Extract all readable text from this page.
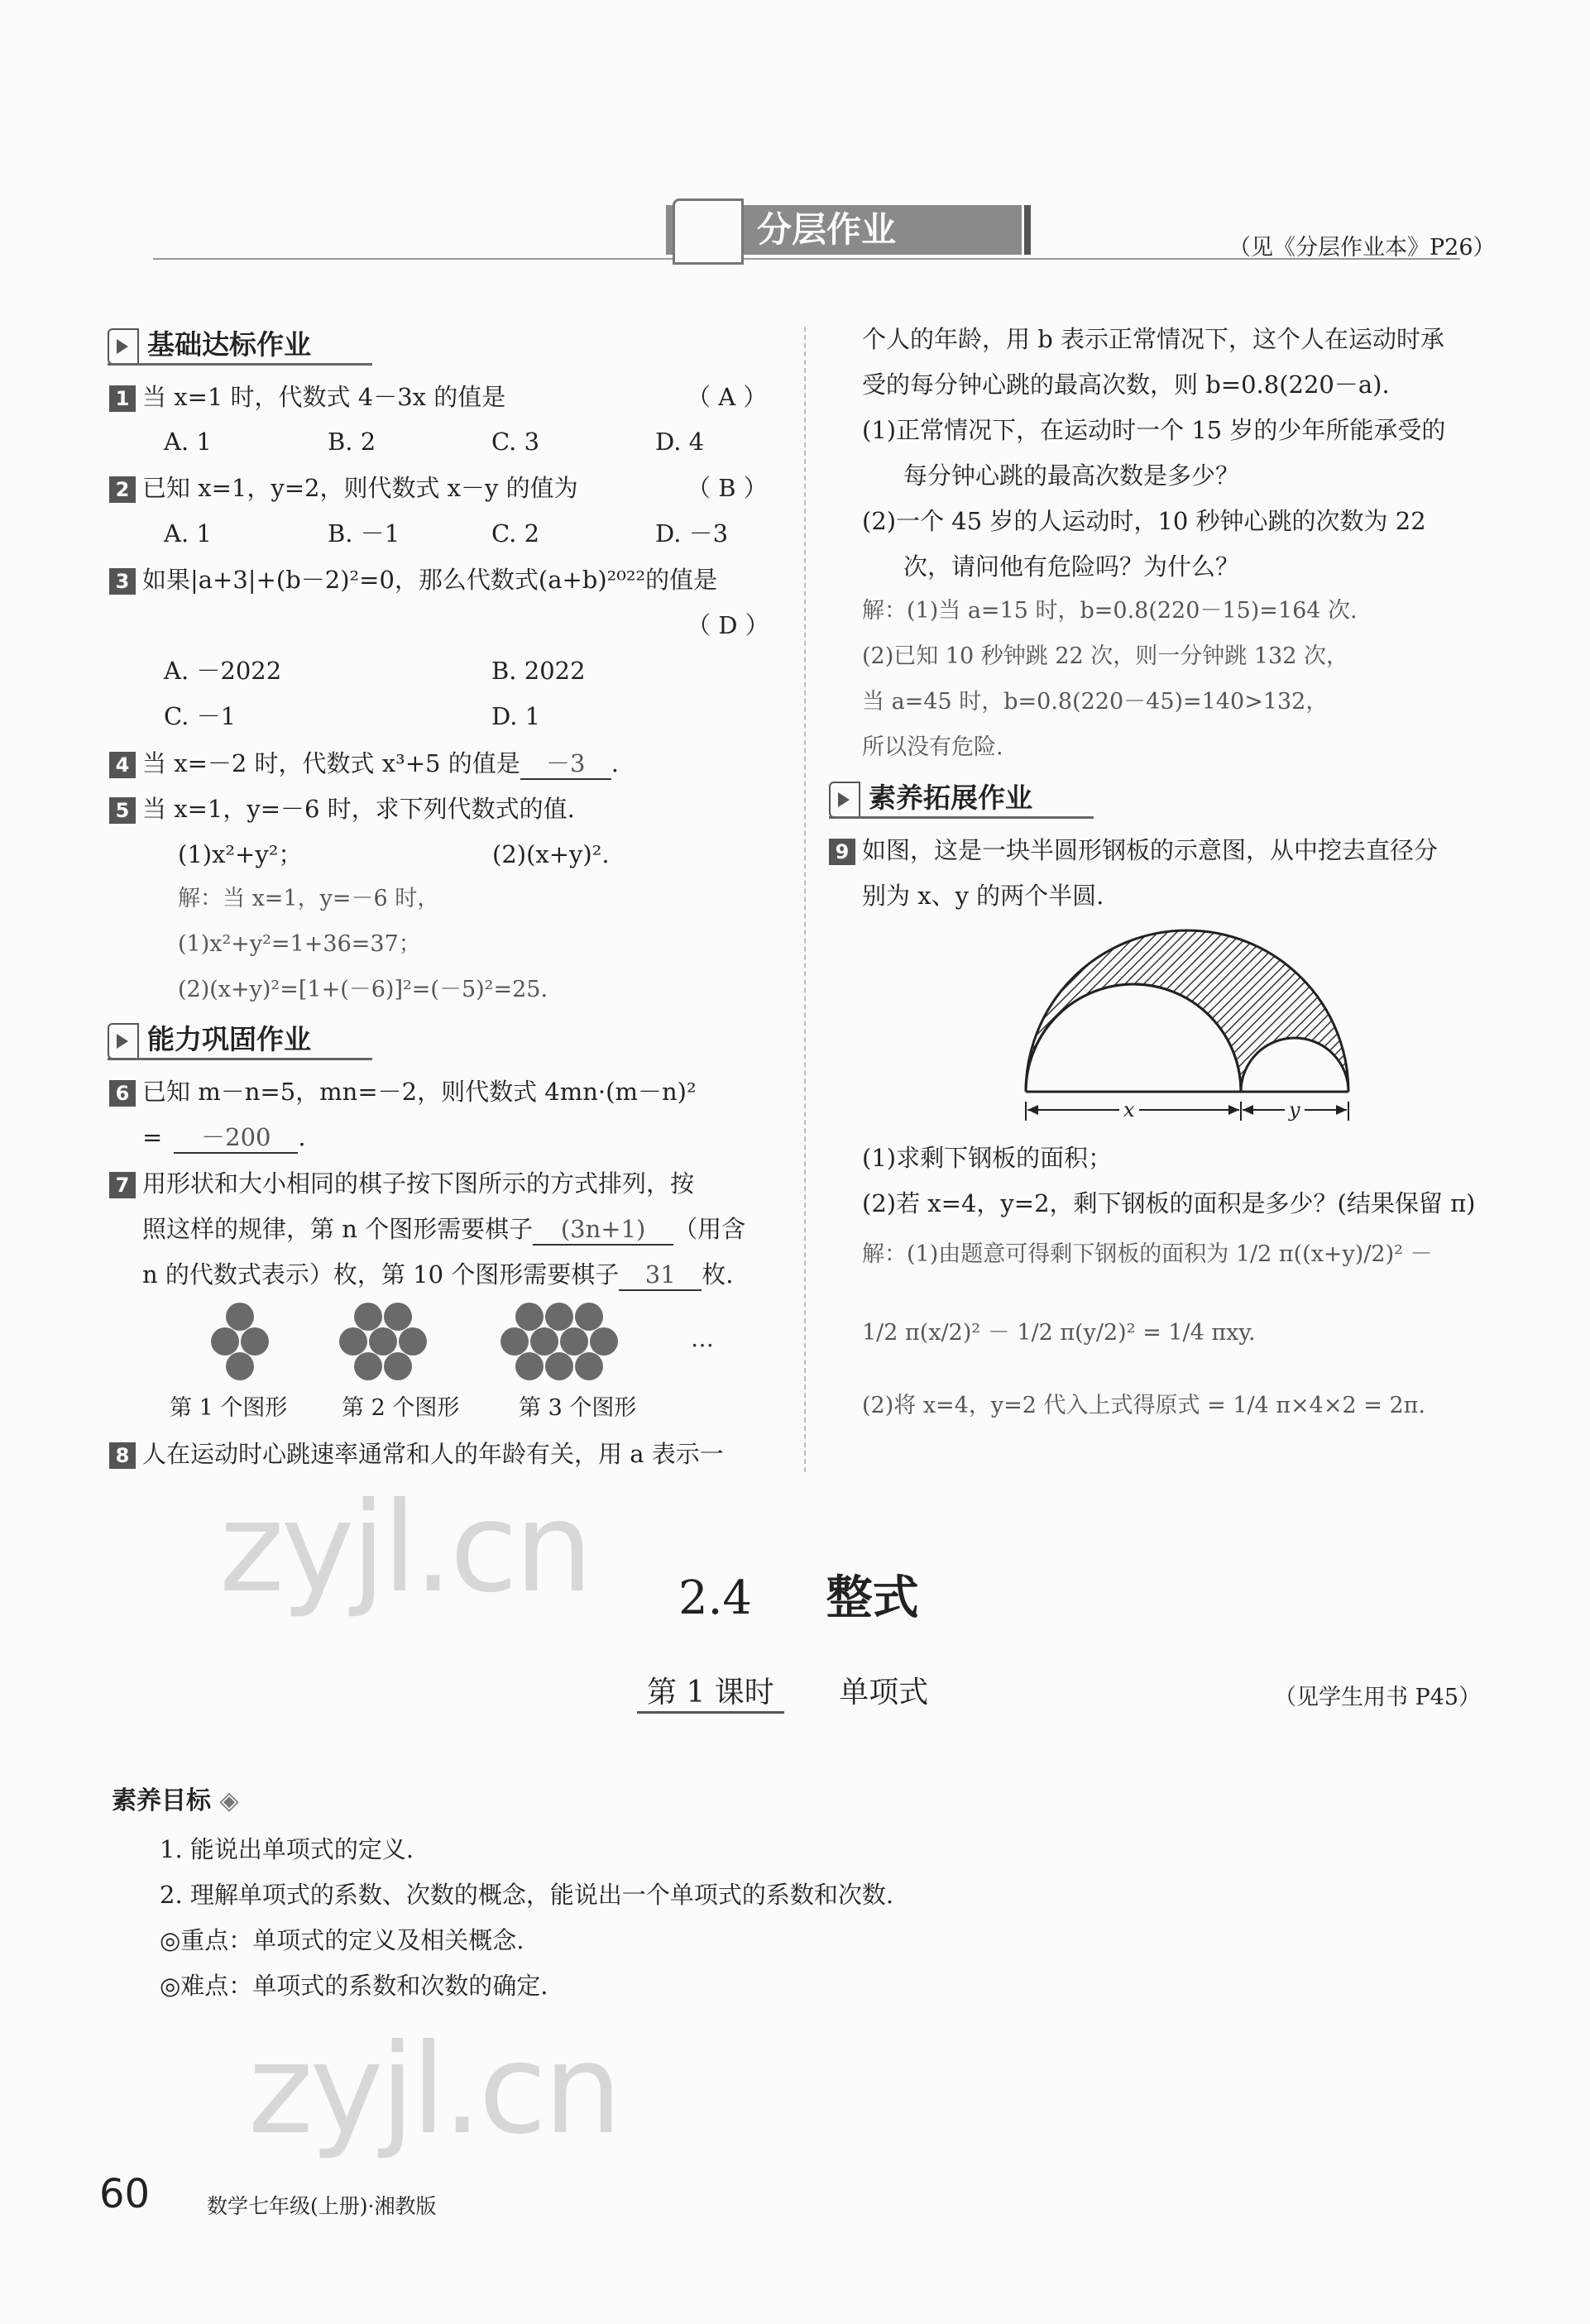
分层作业	（见《分层作业本》P26）
基础达标作业
1 当 x=1 时，代数式 4－3x 的值是	（ A ）
A. 1	B. 2	C. 3	D. 4
2 已知 x=1，y=2，则代数式 x－y 的值为	（ B ）
A. 1	B. －1	C. 2	D. －3
3 如果|a+3|+(b－2)²=0，那么代数式(a+b)²⁰²²的值是
（ D ）
A. －2022	B. 2022
C. －1	D. 1
4 当 x=－2 时，代数式 x³+5 的值是 －3 .
5 当 x=1，y=－6 时，求下列代数式的值.
(1)x²+y²；	(2)(x+y)².
解：当 x=1，y=－6 时，
(1)x²+y²=1+36=37；
(2)(x+y)²=[1+(－6)]²=(－5)²=25.
能力巩固作业
6 已知 m－n=5，mn=－2，则代数式 4mn·(m－n)²
= －200 .
7 用形状和大小相同的棋子按下图所示的方式排列，按
照这样的规律，第 n 个图形需要棋子 (3n+1) （用含
n 的代数式表示）枚，第 10 个图形需要棋子 31 枚.
…
第 1 个图形 第 2 个图形	第 3 个图形
8 人在运动时心跳速率通常和人的年龄有关，用 a 表示一
个人的年龄，用 b 表示正常情况下，这个人在运动时承
受的每分钟心跳的最高次数，则 b=0.8(220－a).
(1)正常情况下，在运动时一个 15 岁的少年所能承受的
每分钟心跳的最高次数是多少？
(2)一个 45 岁的人运动时，10 秒钟心跳的次数为 22
次，请问他有危险吗？为什么？
解：(1)当 a=15 时，b=0.8(220－15)=164 次.
(2)已知 10 秒钟跳 22 次，则一分钟跳 132 次，
当 a=45 时，b=0.8(220－45)=140>132，
所以没有危险.
素养拓展作业
9 如图，这是一块半圆形钢板的示意图，从中挖去直径分
别为 x、y 的两个半圆.
x	y
(1)求剩下钢板的面积；
(2)若 x=4，y=2，剩下钢板的面积是多少？(结果保留 π)
解：(1)由题意可得剩下钢板的面积为 1/2 π((x+y)/2)² －
1/2 π(x/2)² － 1/2 π(y/2)² = 1/4 πxy.
(2)将 x=4，y=2 代入上式得原式 = 1/4 π×4×2 = 2π.
2.4 整式
第 1 课时 单项式	（见学生用书 P45）
素养目标 ◈
1. 能说出单项式的定义.
2. 理解单项式的系数、次数的概念，能说出一个单项式的系数和次数.
◎重点：单项式的定义及相关概念.
◎难点：单项式的系数和次数的确定.
zyjl.cn
zyjl.cn
60	数学七年级(上册)·湘教版
